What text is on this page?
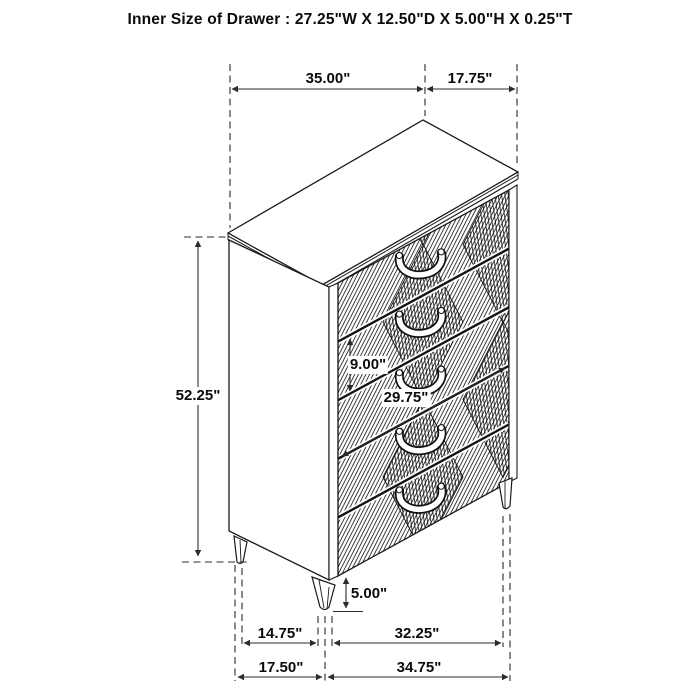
Inner Size of Drawer : 27.25"W X 12.50"D X 5.00"H X 0.25"T
35.00"	17.75"
52.25"
9.00"
29.75"
5.00"
14.75"	32.25"
17.50"	34.75"
